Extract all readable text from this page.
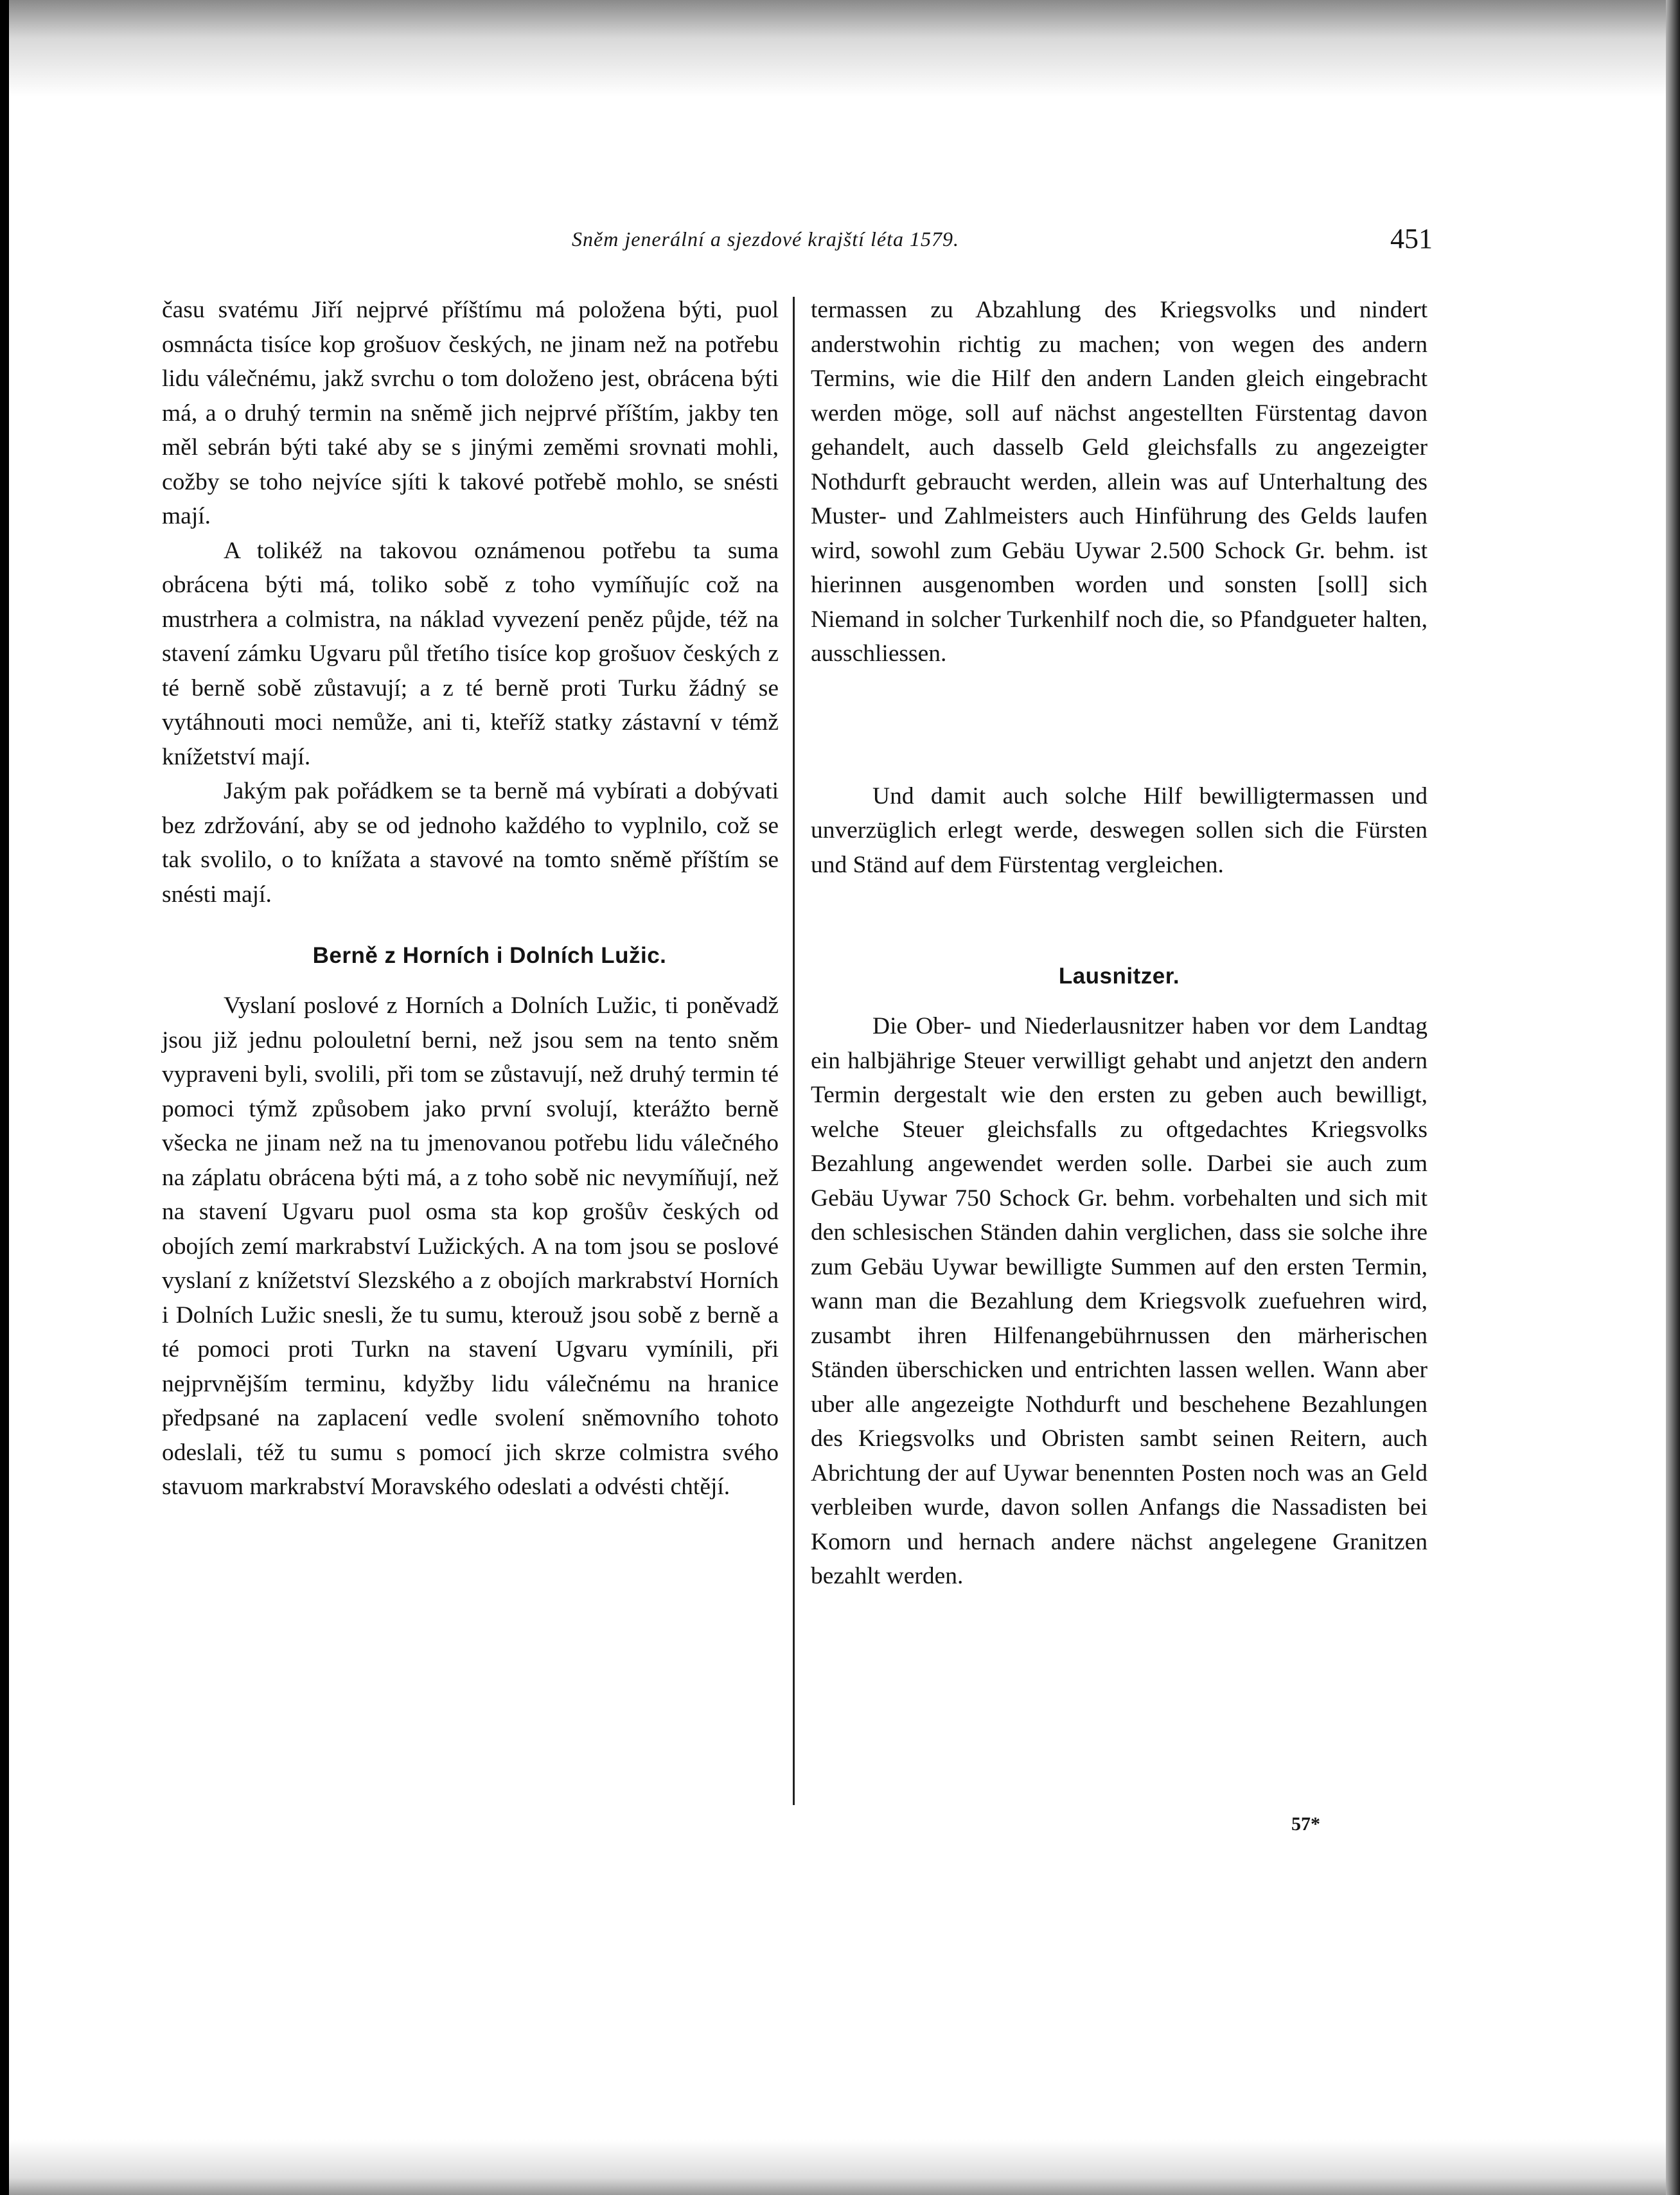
Sněm jenerální a sjezdové krajští léta 1579.	451

času svatému Jiří nejprvé příštímu má položena býti, puol osmnácta tisíce kop grošuov českých, ne jinam než na potřebu lidu válečnému, jakž svrchu o tom doloženo jest, obrácena býti má, a o druhý termin na sněmě jich nejprvé příštím, jakby ten měl sebrán býti také aby se s jinými zeměmi srovnati mohli, cožby se toho nejvíce sjíti k takové potřebě mohlo, se snésti mají.

A tolikéž na takovou oznámenou potřebu ta suma obrácena býti má, toliko sobě z toho vymíňujíc což na mustrhera a colmistra, na náklad vyvezení peněz půjde, též na stavení zámku Ugvaru půl třetího tisíce kop grošuov českých z té berně sobě zůstavují; a z té berně proti Turku žádný se vytáhnouti moci nemůže, ani ti, kteříž statky zástavní v témž knížetství mají.

Jakým pak pořádkem se ta berně má vybírati a dobývati bez zdržování, aby se od jednoho každého to vyplnilo, což se tak svolilo, o to knížata a stavové na tomto sněmě příštím se snésti mají.

Berně z Horních i Dolních Lužic.

Vyslaní poslové z Horních a Dolních Lužic, ti poněvadž jsou již jednu polouletní berni, než jsou sem na tento sněm vypraveni byli, svolili, při tom se zůstavují, než druhý termin té pomoci týmž způsobem jako první svolují, kterážto berně všecka ne jinam než na tu jmenovanou potřebu lidu válečného na záplatu obrácena býti má, a z toho sobě nic nevymíňují, než na stavení Ugvaru puol osma sta kop grošův českých od obojích zemí markrabství Lužických. A na tom jsou se poslové vyslaní z knížetství Slezského a z obojích markrabství Horních i Dolních Lužic snesli, že tu sumu, kterouž jsou sobě z berně a té pomoci proti Turkn na stavení Ugvaru vymínili, při nejprvnějším terminu, kdyžby lidu válečnému na hranice předpsané na zaplacení vedle svolení sněmovního tohoto odeslali, též tu sumu s pomocí jich skrze colmistra svého stavuom markrabství Moravského odeslati a odvésti chtějí.

termassen zu Abzahlung des Kriegsvolks und nindert anderstwohin richtig zu machen; von wegen des andern Termins, wie die Hilf den andern Landen gleich eingebracht werden möge, soll auf nächst angestellten Fürstentag davon gehandelt, auch dasselb Geld gleichsfalls zu angezeigter Nothdurft gebraucht werden, allein was auf Unterhaltung des Muster- und Zahlmeisters auch Hinführung des Gelds laufen wird, sowohl zum Gebäu Uywar 2.500 Schock Gr. behm. ist hierinnen ausgenomben worden und sonsten [soll] sich Niemand in solcher Turkenhilf noch die, so Pfandgueter halten, ausschliessen.

Und damit auch solche Hilf bewilligtermassen und unverzüglich erlegt werde, deswegen sollen sich die Fürsten und Ständ auf dem Fürstentag vergleichen.

Lausnitzer.

Die Ober- und Niederlausnitzer haben vor dem Landtag ein halbjährige Steuer verwilligt gehabt und anjetzt den andern Termin dergestalt wie den ersten zu geben auch bewilligt, welche Steuer gleichsfalls zu oftgedachtes Kriegsvolks Bezahlung angewendet werden solle. Darbei sie auch zum Gebäu Uywar 750 Schock Gr. behm. vorbehalten und sich mit den schlesischen Ständen dahin verglichen, dass sie solche ihre zum Gebäu Uywar bewilligte Summen auf den ersten Termin, wann man die Bezahlung dem Kriegsvolk zuefuehren wird, zusambt ihren Hilfenangebührnussen den märherischen Ständen überschicken und entrichten lassen wellen. Wann aber uber alle angezeigte Nothdurft und beschehene Bezahlungen des Kriegsvolks und Obristen sambt seinen Reitern, auch Abrichtung der auf Uywar benennten Posten noch was an Geld verbleiben wurde, davon sollen Anfangs die Nassadisten bei Komorn und hernach andere nächst angelegene Granitzen bezahlt werden.

57*
